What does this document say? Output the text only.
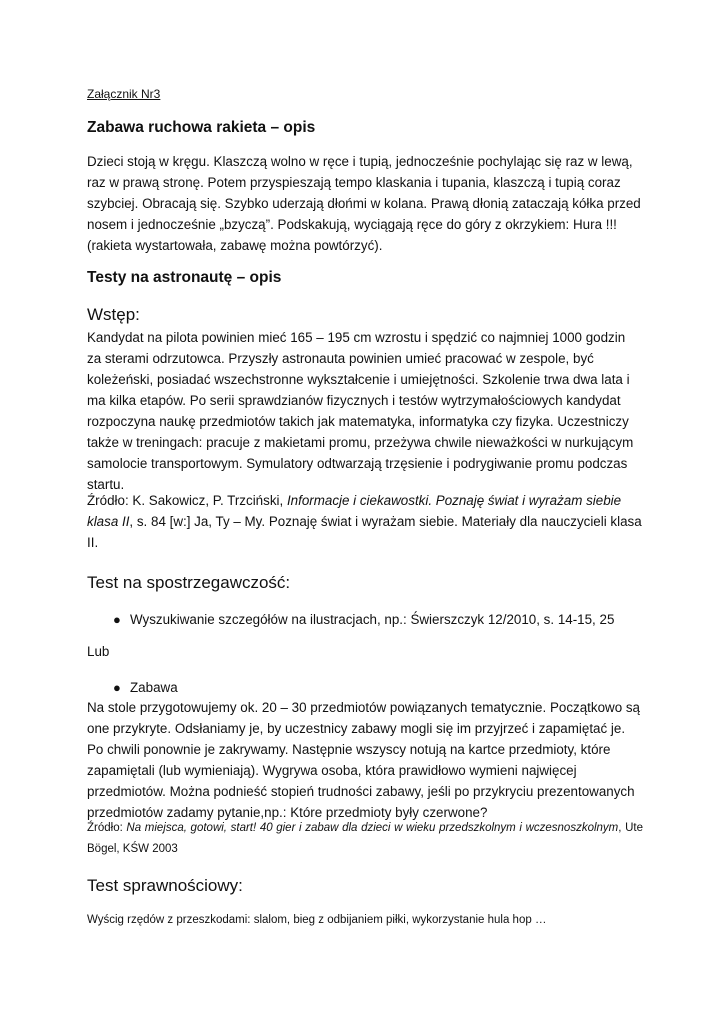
Załącznik Nr3

Zabawa ruchowa rakieta – opis

Dzieci stoją w kręgu. Klaszczą wolno w ręce i tupią, jednocześnie pochylając się raz w lewą, raz w prawą stronę. Potem przyspieszają tempo klaskania i tupania, klaszczą i tupią coraz szybciej. Obracają się. Szybko uderzają dłońmi w kolana. Prawą dłonią zataczają kółka przed nosem i jednocześnie „bzyczą”. Podskakują, wyciągają ręce do góry z okrzykiem: Hura !!! (rakieta wystartowała, zabawę można powtórzyć).

Testy na astronautę – opis

Wstęp:

Kandydat na pilota powinien mieć 165 – 195 cm wzrostu i spędzić co najmniej 1000 godzin za sterami odrzutowca. Przyszły astronauta powinien umieć pracować w zespole, być koleżeński, posiadać wszechstronne wykształcenie i umiejętności. Szkolenie trwa dwa lata i ma kilka etapów. Po serii sprawdzianów fizycznych i testów wytrzymałościowych kandydat rozpoczyna naukę przedmiotów takich jak matematyka, informatyka czy fizyka. Uczestniczy także w treningach: pracuje z makietami promu, przeżywa chwile nieważkości w nurkującym samolocie transportowym. Symulatory odtwarzają trzęsienie i podrygiwanie promu podczas startu.

Źródło: K. Sakowicz, P. Trzciński, Informacje i ciekawostki. Poznaję świat i wyrażam siebie klasa II, s. 84 [w:] Ja, Ty – My. Poznaję świat i wyrażam siebie. Materiały dla nauczycieli klasa II.

Test na spostrzegawczość:

● Wyszukiwanie szczegółów na ilustracjach, np.: Świerszczyk 12/2010, s. 14-15, 25

Lub

● Zabawa

Na stole przygotowujemy ok. 20 – 30 przedmiotów powiązanych tematycznie. Początkowo są one przykryte. Odsłaniamy je, by uczestnicy zabawy mogli się im przyjrzeć i zapamiętać je. Po chwili ponownie je zakrywamy. Następnie wszyscy notują na kartce przedmioty, które zapamiętali (lub wymieniają). Wygrywa osoba, która prawidłowo wymieni najwięcej przedmiotów. Można podnieść stopień trudności zabawy, jeśli po przykryciu prezentowanych przedmiotów zadamy pytanie,np.: Które przedmioty były czerwone?

Źródło: Na miejsca, gotowi, start! 40 gier i zabaw dla dzieci w wieku przedszkolnym i wczesnoszkolnym, Ute Bögel, KŚW 2003

Test sprawnościowy:

Wyścig rzędów z przeszkodami: slalom, bieg z odbijaniem piłki, wykorzystanie hula hop …
